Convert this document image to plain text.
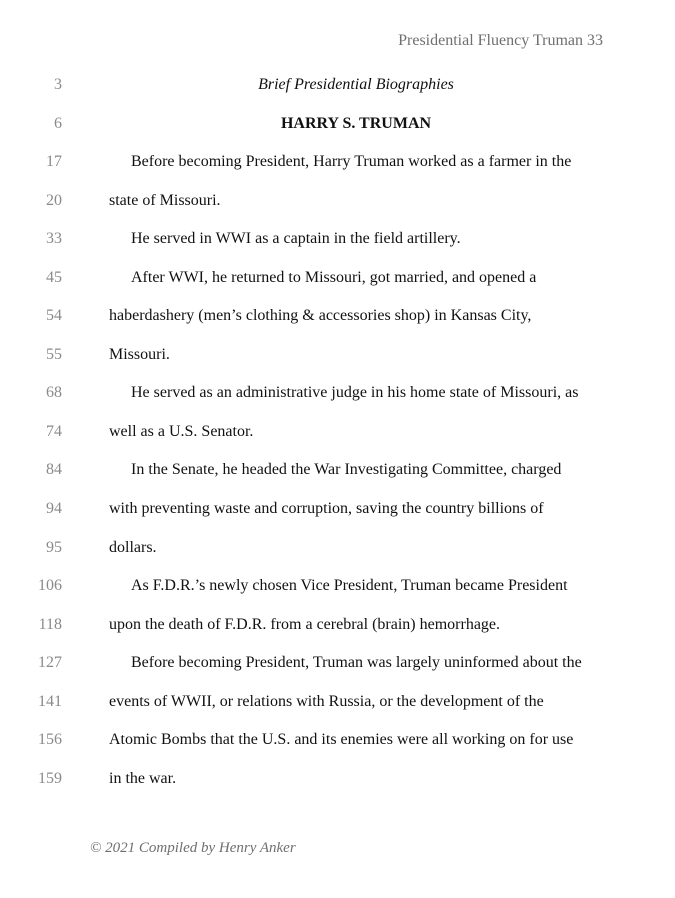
Presidential Fluency Truman 33
3	Brief Presidential Biographies
6	HARRY S. TRUMAN
17	Before becoming President, Harry Truman worked as a farmer in the
20	state of Missouri.
33	He served in WWI as a captain in the field artillery.
45	After WWI, he returned to Missouri, got married, and opened a
54	haberdashery (men’s clothing & accessories shop) in Kansas City,
55	Missouri.
68	He served as an administrative judge in his home state of Missouri, as
74	well as a U.S. Senator.
84	In the Senate, he headed the War Investigating Committee, charged
94	with preventing waste and corruption, saving the country billions of
95	dollars.
106	As F.D.R.’s newly chosen Vice President, Truman became President
118	upon the death of F.D.R. from a cerebral (brain) hemorrhage.
127	Before becoming President, Truman was largely uninformed about the
141	events of WWII, or relations with Russia, or the development of the
156	Atomic Bombs that the U.S. and its enemies were all working on for use
159	in the war.
© 2021 Compiled by Henry Anker
